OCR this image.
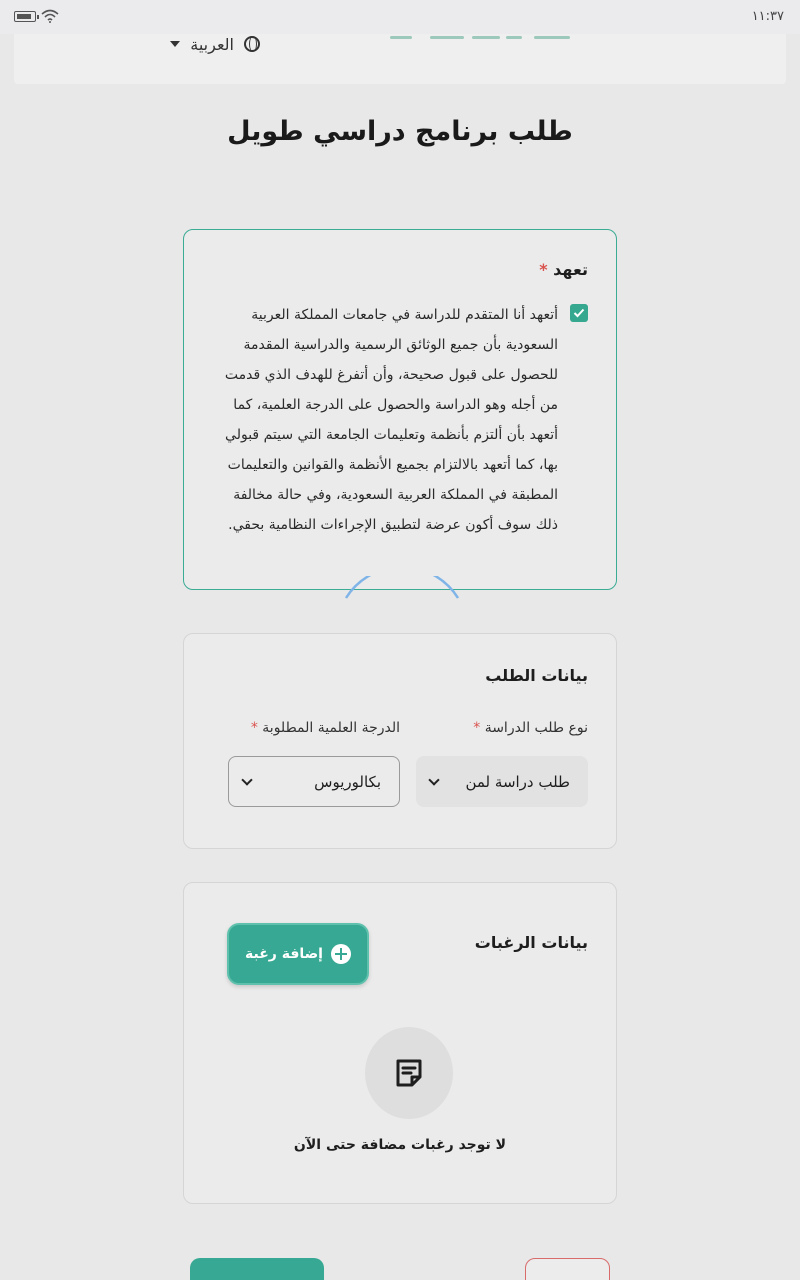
١١:٣٧
العربية
طلب برنامج دراسي طويل
تعهد *
أتعهد أنا المتقدم للدراسة في جامعات المملكة العربية السعودية بأن جميع الوثائق الرسمية والدراسية المقدمة للحصول على قبول صحيحة، وأن أتفرغ للهدف الذي قدمت من أجله وهو الدراسة والحصول على الدرجة العلمية، كما أتعهد بأن ألتزم بأنظمة وتعليمات الجامعة التي سيتم قبولي بها، كما أتعهد بالالتزام بجميع الأنظمة والقوانين والتعليمات المطبقة في المملكة العربية السعودية، وفي حالة مخالفة ذلك سوف أكون عرضة لتطبيق الإجراءات النظامية بحقي.
بيانات الطلب
نوع طلب الدراسة *
الدرجة العلمية المطلوبة *
طلب دراسة لمن
بكالوريوس
بيانات الرغبات
إضافة رغبة
لا توجد رغبات مضافة حتى الآن
